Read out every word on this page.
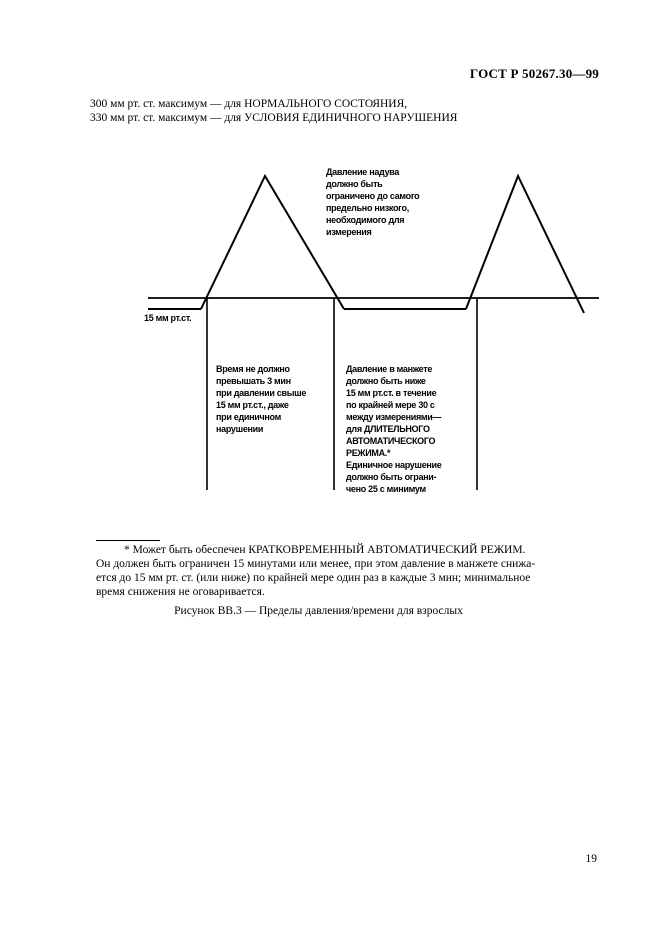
ГОСТ Р 50267.30—99
300 мм рт. ст. максимум — для НОРМАЛЬНОГО СОСТОЯНИЯ,
330 мм рт. ст. максимум — для УСЛОВИЯ ЕДИНИЧНОГО НАРУШЕНИЯ
15 мм рт.ст.
Давление надува
должно быть
ограничено до самого
предельно низкого,
необходимого для
измерения
Время не должно
превышать 3 мин
при давлении свыше
15 мм рт.ст., даже
при единичном
нарушении
Давление в манжете
должно быть ниже
15 мм рт.ст. в течение
по крайней мере 30 с
между измерениями—
для ДЛИТЕЛЬНОГО
АВТОМАТИЧЕСКОГО
РЕЖИМА.*
Единичное нарушение
должно быть ограни-
чено 25 с минимум
* Может быть обеспечен КРАТКОВРЕМЕННЫЙ АВТОМАТИЧЕСКИЙ РЕЖИМ.
Он должен быть ограничен 15 минутами или менее, при этом давление в манжете снижа-
ется до 15 мм рт. ст. (или ниже) по крайней мере один раз в каждые 3 мин; минимальное
время снижения не оговаривается.
Рисунок ВВ.3 — Пределы давления/времени для взрослых
19
